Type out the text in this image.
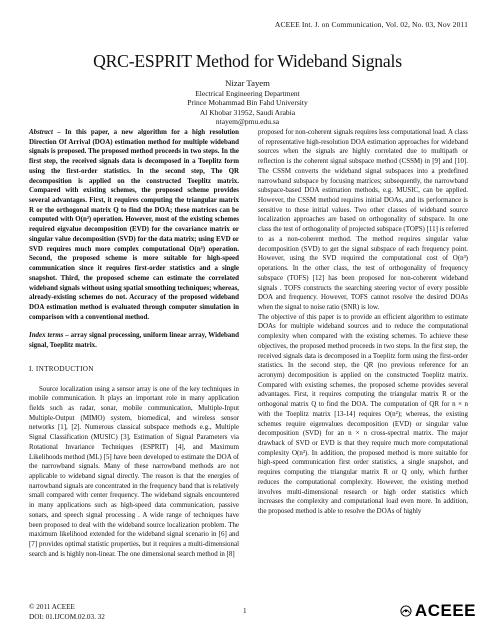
ACEEE Int. J. on Communication, Vol. 02, No. 03, Nov 2011
QRC-ESPRIT Method for Wideband Signals
Nizar Tayem
Electrical Engineering Department
Prince Mohammad Bin Fahd University
Al Khobar 31952, Saudi Arabia
ntayem@pmu.edu.sa

Abstract – In this paper, a new algorithm for a high resolution Direction Of Arrival (DOA) estimation method for multiple wideband signals is proposed. The proposed method proceeds in two steps. In the first step, the received signals data is decomposed in a Toeplitz form using the first-order statistics. In the second step, The QR decomposition is applied on the constructed Toeplitz matrix. Compared with existing schemes, the proposed scheme provides several advantages. First, it requires computing the triangular matrix R or the orthogonal matrix Q to find the DOA; these matrices can be computed with O(n²) operation. However, most of the existing schemes required eigvalue decomposition (EVD) for the covariance matrix or singular value decomposition (SVD) for the data matrix; using EVD or SVD requires much more complex computational O(n³) operation. Second, the proposed scheme is more suitable for high-speed communication since it requires first-order statistics and a single snapshot. Third, the proposed scheme can estimate the correlated wideband signals without using spatial smoothing techniques; whereas, already-existing schemes do not. Accuracy of the proposed wideband DOA estimation method is evaluated through computer simulation in comparison with a conventional method.

Index terms – array signal processing, uniform linear array, Wideband signal, Toeplitz matrix.

I. INTRODUCTION

Source localization using a sensor array is one of the key techniques in mobile communication. It plays an important role in many application fields such as radar, sonar, mobile communication, Multiple-Input Multiple-Output (MIMO) system, biomedical, and wireless sensor networks [1], [2]. Numerous classical subspace methods e.g., Multiple Signal Classification (MUSIC) [3], Estimation of Signal Parameters via Rotational Invariance Techniques (ESPRIT) [4], and Maximum Likelihoods method (ML) [5] have been developed to estimate the DOA of the narrowband signals. Many of these narrowband methods are not applicable to wideband signal directly. The reason is that the energies of narrowband signals are concentrated in the frequency band that is relatively small compared with center frequency. The wideband signals encountered in many applications such as high-speed data communication, passive sonars, and speech signal processing . A wide range of techniques have been proposed to deal with the wideband source localization problem. The maximum likelihood extended for the wideband signal scenario in [6] and [7] provides optimal statistic properties, but it requires a multi-dimensional search and is highly non-linear. The one dimensional search method in [8]

proposed for non-coherent signals requires less computational load. A class of representative high-resolution DOA estimation approaches for wideband sources when the signals are highly correlated due to multipath or reflection is the coherent signal subspace method (CSSM) in [9] and [10]. The CSSM converts the wideband signal subspaces into a predefined narrowband subspace by focusing matrices; subsequently, the narrowband subspace-based DOA estimation methods, e.g. MUSIC, can be applied. However, the CSSM method requires initial DOAs, and its performance is sensitive to these initial values. Two other classes of wideband source localization approaches are based on orthogonality of subspace. In one class the test of orthogonality of projected subspace (TOPS) [11] is referred to as a non-coherent method. The method requires singular value decomposition (SVD) to get the signal subspace of each frequency point. However, using the SVD required the computational cost of O(n³) operations. In the other class, the test of orthogonality of frequency subspace (TOFS) [12] has been proposed for non-coherent wideband signals . TOFS constructs the searching steering vector of every possible DOA and frequency. However, TOFS cannot resolve the desired DOAs when the signal to noise ratio (SNR) is low.

The objective of this paper is to provide an efficient algorithm to estimate DOAs for multiple wideband sources and to reduce the computational complexity when compared with the existing schemes. To achieve these objectives, the proposed method proceeds in two steps. In the first step, the received signals data is decomposed in a Toeplitz form using the first-order statistics. In the second step, the QR (no previous reference for an acronym) decomposition is applied on the constructed Toeplitz matrix. Compared with existing schemes, the proposed scheme provides several advantages. First, it requires computing the triangular matrix R or the orthogonal matrix Q to find the DOA. The computation of QR for n × n with the Toeplitz matrix [13-14] requires O(n²); whereas, the existing schemes require eigenvalues decomposition (EVD) or singular value decomposition (SVD) for an n × n cross-spectral matrix. The major drawback of SVD or EVD is that they require much more computational complexity O(n³). In addition, the proposed method is more suitable for high-speed communication first order statistics, a single snapshot, and requires computing the triangular matrix R or Q only, which further reduces the computational complexity. However, the existing method involves multi-dimensional research or high order statistics which increases the complexity and computational load even more. In addition, the proposed method is able to resolve the DOAs of highly

© 2011 ACEEE
DOI: 01.IJCOM.02.03. 32
1	ACEEE
